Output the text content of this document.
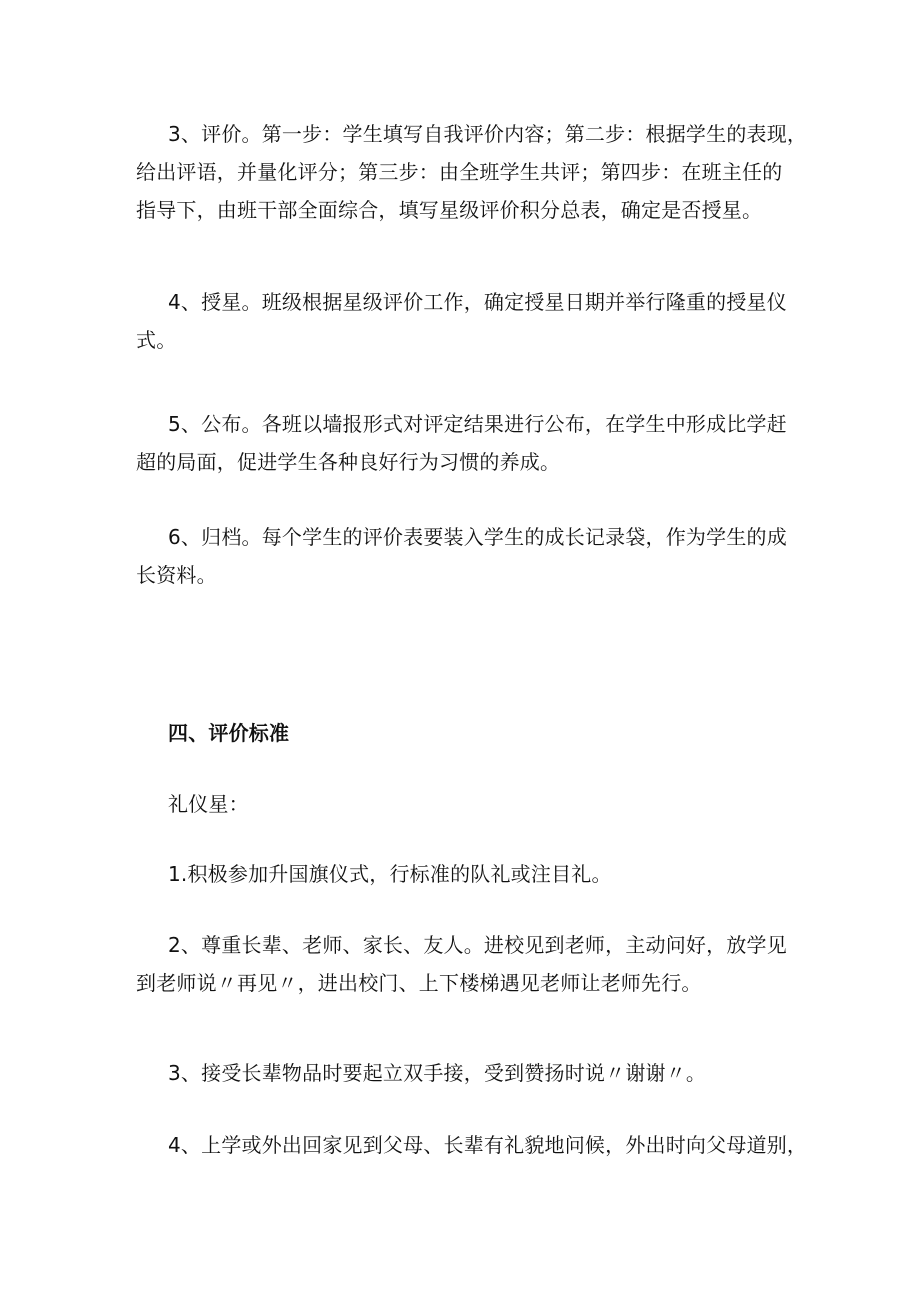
3、评价。第一步：学生填写自我评价内容；第二步：根据学生的表现，
给出评语，并量化评分；第三步：由全班学生共评；第四步：在班主任的
指导下，由班干部全面综合，填写星级评价积分总表，确定是否授星。
4、授星。班级根据星级评价工作，确定授星日期并举行隆重的授星仪
式。
5、公布。各班以墙报形式对评定结果进行公布，在学生中形成比学赶
超的局面，促进学生各种良好行为习惯的养成。
6、归档。每个学生的评价表要装入学生的成长记录袋，作为学生的成
长资料。
四、评价标准
礼仪星：
1.积极参加升国旗仪式，行标准的队礼或注目礼。
2、尊重长辈、老师、家长、友人。进校见到老师，主动问好，放学见
到老师说〃再见〃，进出校门、上下楼梯遇见老师让老师先行。
3、接受长辈物品时要起立双手接，受到赞扬时说〃谢谢〃。
4、上学或外出回家见到父母、长辈有礼貌地问候，外出时向父母道别，
